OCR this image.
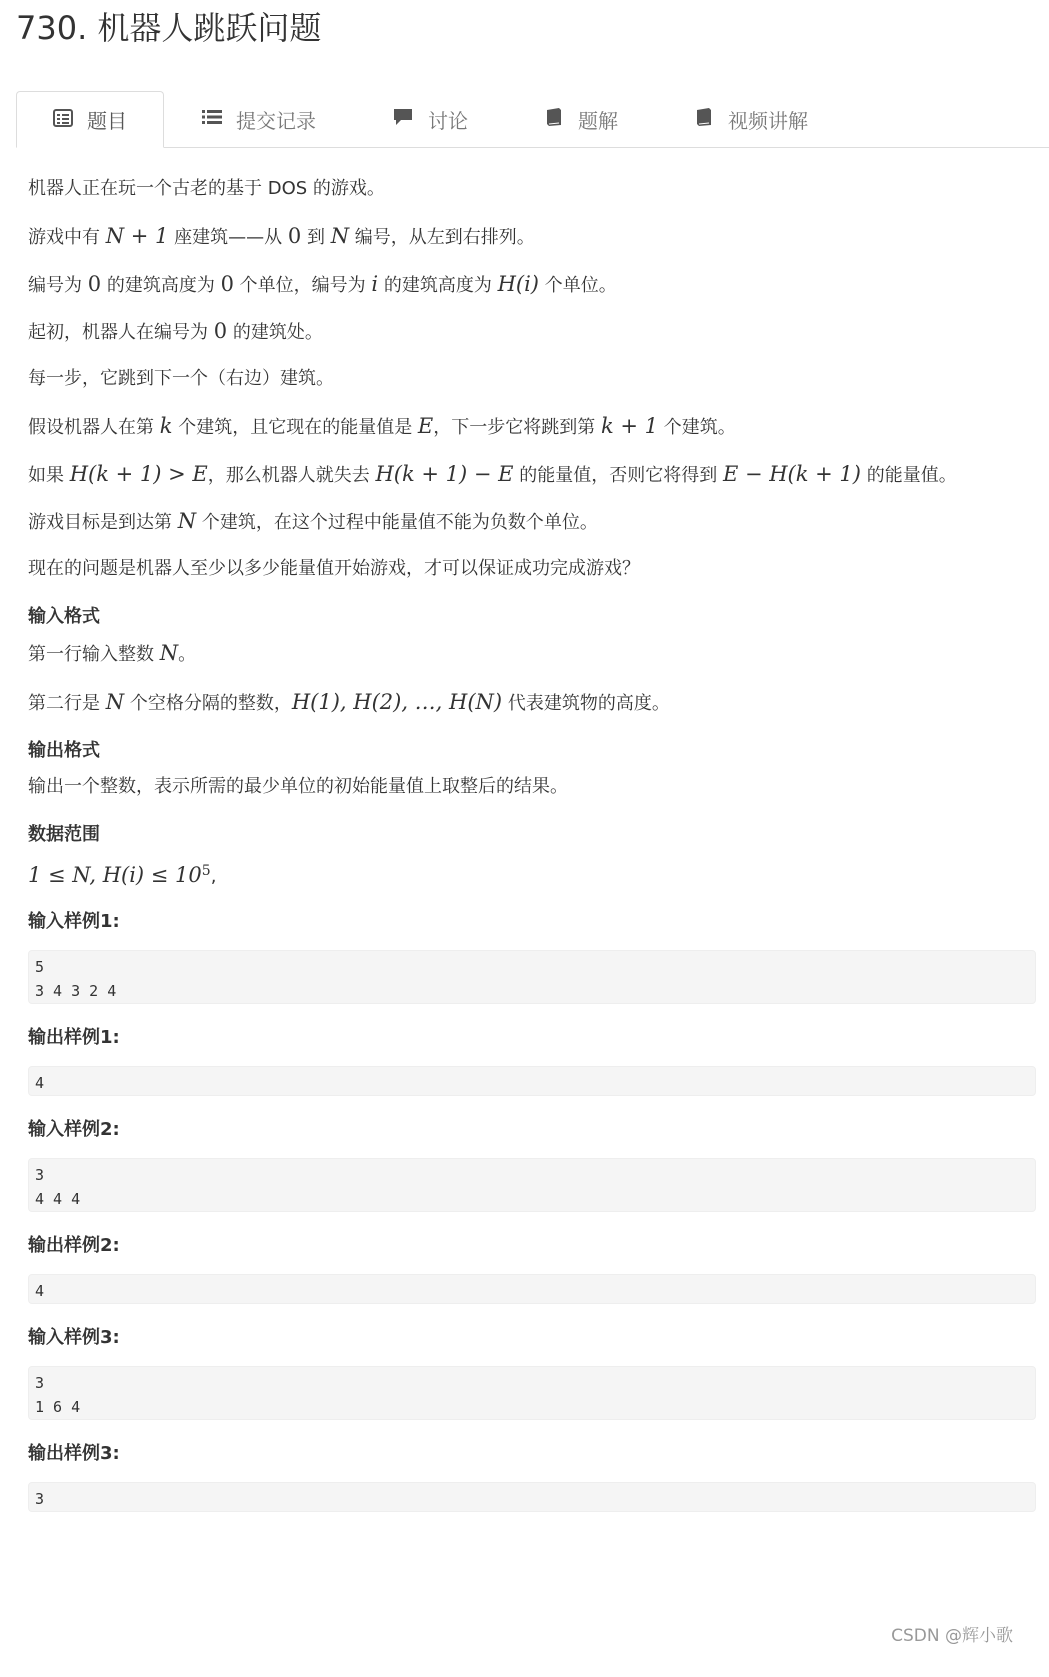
730. 机器人跳跃问题
题目	提交记录	讨论	题解	视频讲解

机器人正在玩一个古老的基于 DOS 的游戏。

游戏中有 N + 1 座建筑——从 0 到 N 编号，从左到右排列。

编号为 0 的建筑高度为 0 个单位，编号为 i 的建筑高度为 H(i) 个单位。

起初，机器人在编号为 0 的建筑处。

每一步，它跳到下一个（右边）建筑。

假设机器人在第 k 个建筑，且它现在的能量值是 E，下一步它将跳到第 k + 1 个建筑。

如果 H(k + 1) > E，那么机器人就失去 H(k + 1) − E 的能量值，否则它将得到 E − H(k + 1) 的能量值。

游戏目标是到达第 N 个建筑，在这个过程中能量值不能为负数个单位。

现在的问题是机器人至少以多少能量值开始游戏，才可以保证成功完成游戏？

输入格式

第一行输入整数 N。

第二行是 N 个空格分隔的整数，H(1), H(2), …, H(N) 代表建筑物的高度。

输出格式

输出一个整数，表示所需的最少单位的初始能量值上取整后的结果。

数据范围

1 ≤ N, $H(i) \le 10^5$,

输入样例1:
5
3 4 3 2 4
输出样例1:
4
输入样例2:
3
4 4 4
输出样例2:
4
输入样例3:
3
1 6 4
输出样例3:
3
CSDN @辉小歌
